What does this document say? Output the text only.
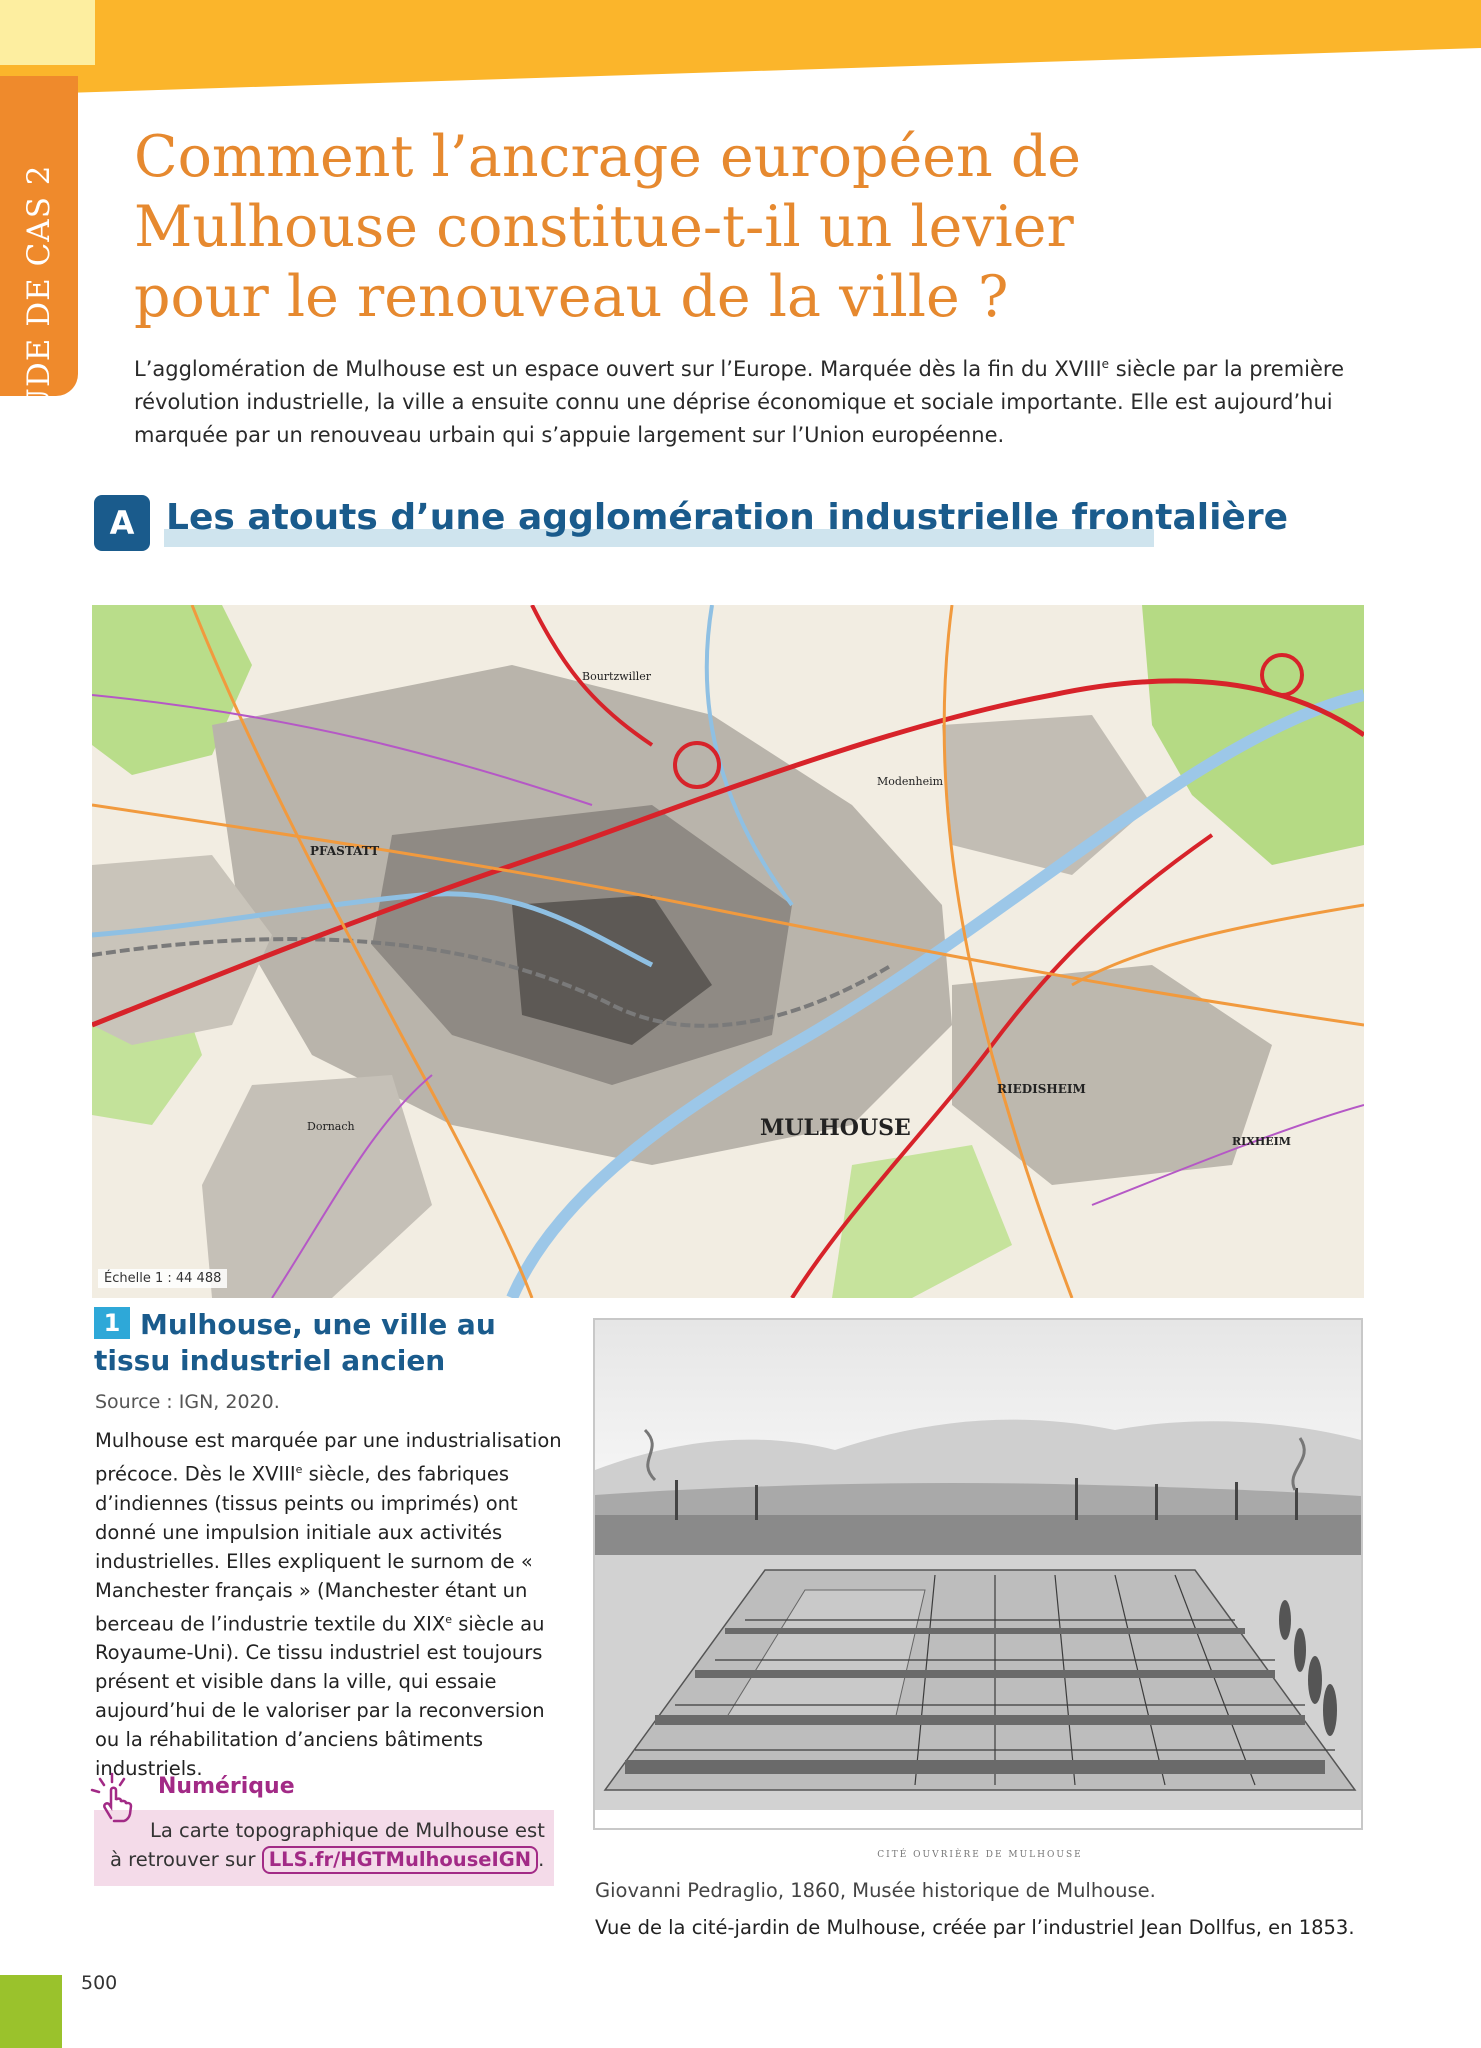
ÉTUDE DE CAS 2
Comment l’ancrage européen de
Mulhouse constitue-t-il un levier
pour le renouveau de la ville ?

L’agglomération de Mulhouse est un espace ouvert sur l’Europe. Marquée dès la fin du XVIIIe siècle par la première révolution industrielle, la ville a ensuite connu une déprise économique et sociale importante. Elle est aujourd’hui marquée par un renouveau urbain qui s’appuie largement sur l’Union européenne.

A Les atouts d’une agglomération industrielle frontalière
MULHOUSE
RIEDISHEIM
RIXHEIM
PFASTATT
Bourtzwiller
Modenheim
Dornach
Échelle 1 : 44 488
1 Mulhouse, une ville au tissu industriel ancien
Source : IGN, 2020.

Mulhouse est marquée par une industrialisation précoce. Dès le XVIIIe siècle, des fabriques d’indiennes (tissus peints ou imprimés) ont donné une impulsion initiale aux activités industrielles. Elles expliquent le surnom de « Manchester français » (Manchester étant un berceau de l’industrie textile du XIXe siècle au Royaume-Uni). Ce tissu industriel est toujours présent et visible dans la ville, qui essaie aujourd’hui de le valoriser par la reconversion ou la réhabilitation d’anciens bâtiments industriels.

La carte topographique de Mulhouse est à retrouver sur LLS.fr/HGTMulhouseIGN .

Numérique
CITÉ OUVRIÈRE DE MULHOUSE
Giovanni Pedraglio, 1860, Musée historique de Mulhouse.
Vue de la cité-jardin de Mulhouse, créée par l’industriel Jean Dollfus, en 1853.
500
